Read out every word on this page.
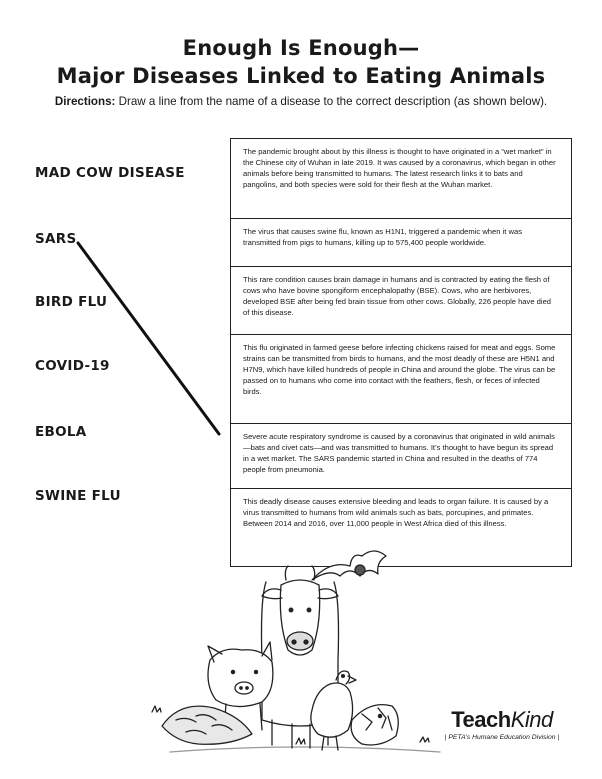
Enough Is Enough—
Major Diseases Linked to Eating Animals
Directions: Draw a line from the name of a disease to the correct description (as shown below).
MAD COW DISEASE
SARS
BIRD FLU
COVID-19
EBOLA
SWINE FLU
The pandemic brought about by this illness is thought to have originated in a “wet market” in the Chinese city of Wuhan in late 2019. It was caused by a coronavirus, which began in other animals before being transmitted to humans. The latest research links it to bats and pangolins, and both species were sold for their flesh at the Wuhan market.
The virus that causes swine flu, known as H1N1, triggered a pandemic when it was transmitted from pigs to humans, killing up to 575,400 people worldwide.
This rare condition causes brain damage in humans and is contracted by eating the flesh of cows who have bovine spongiform encephalopathy (BSE). Cows, who are herbivores, developed BSE after being fed brain tissue from other cows. Globally, 226 people have died of this disease.
This flu originated in farmed geese before infecting chickens raised for meat and eggs. Some strains can be transmitted from birds to humans, and the most deadly of these are H5N1 and H7N9, which have killed hundreds of people in China and around the globe. The virus can be passed on to humans who come into contact with the feathers, flesh, or feces of infected birds.
Severe acute respiratory syndrome is caused by a coronavirus that originated in wild animals—bats and civet cats—and was transmitted to humans. It’s thought to have begun its spread in a wet market. The SARS pandemic started in China and resulted in the deaths of 774 people from pneumonia.
This deadly disease causes extensive bleeding and leads to organ failure. It is caused by a virus transmitted to humans from wild animals such as bats, porcupines, and primates. Between 2014 and 2016, over 11,000 people in West Africa died of this illness.
TeachKind
| PETA’s Humane Education Division |
